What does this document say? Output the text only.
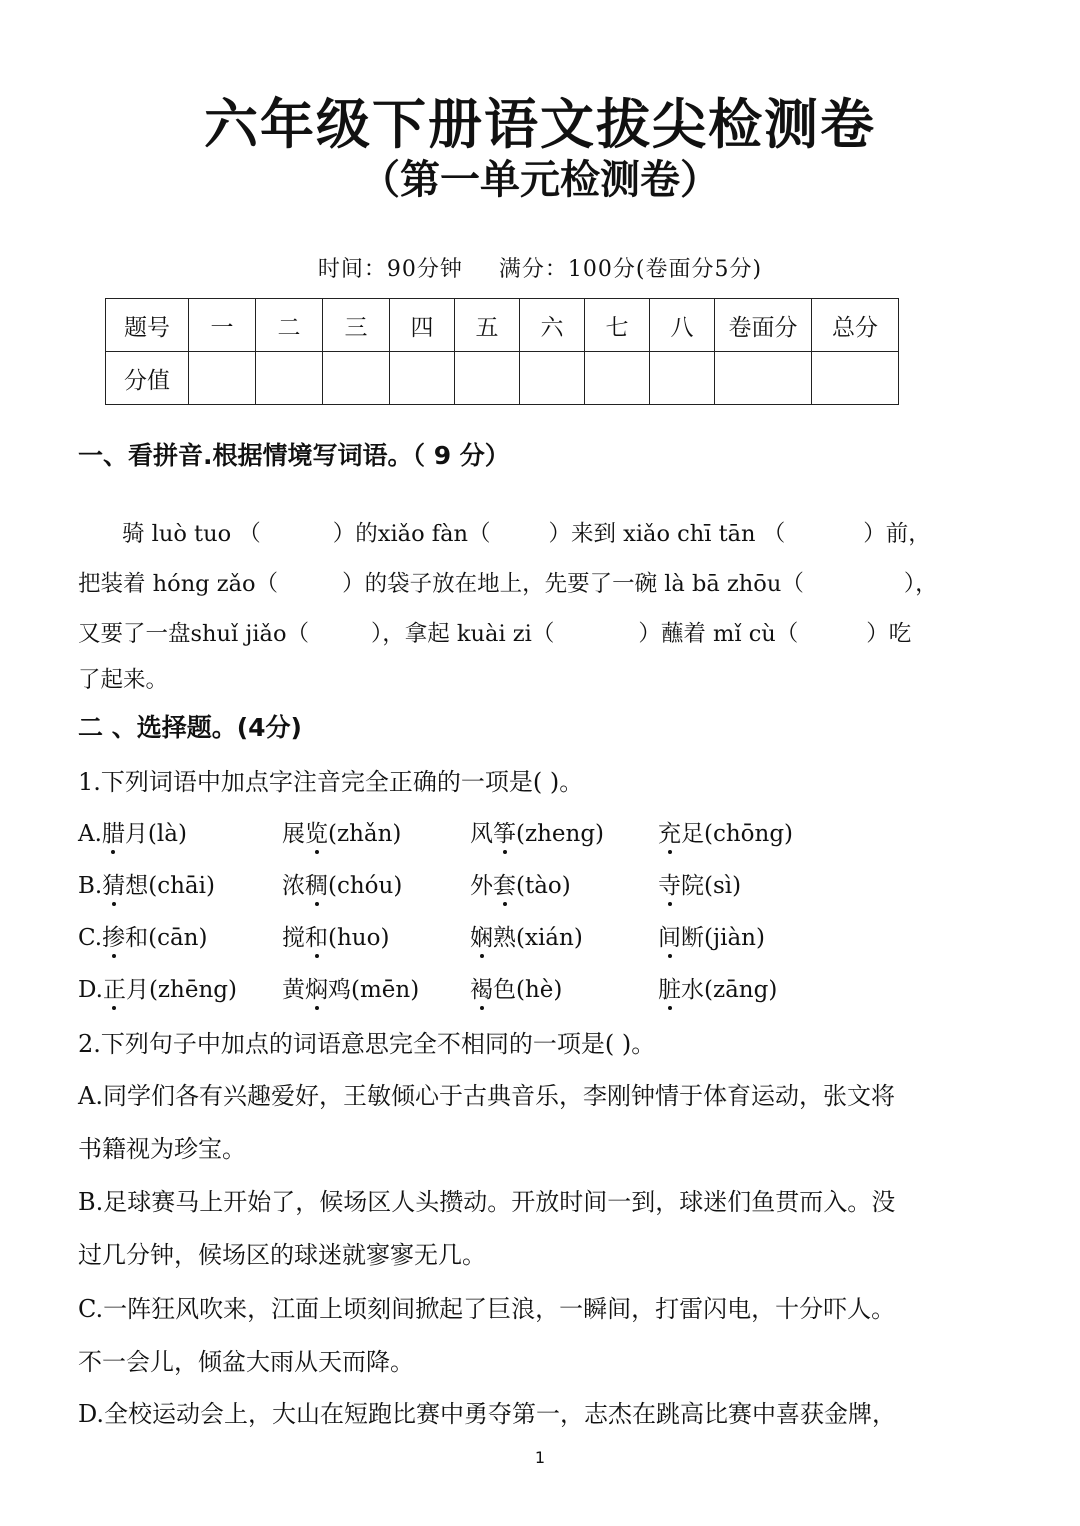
六年级下册语文拔尖检测卷
（第一单元检测卷）
时间：90分钟 满分：100分(卷面分5分)
题号	一	二	三	四	五	六	七	八	卷面分	总分
分值										
一、看拼音.根据情境写词语。（ 9 分）
骑 luò tuo （	）的xiǎo fàn（	）来到 xiǎo chī tān （	）前，
把装着 hóng zǎo（	）的袋子放在地上，先要了一碗 là bā zhōu（	），
又要了一盘shuǐ jiǎo（	），拿起 kuài zi（	）蘸着 mǐ cù（	）吃
了起来。
二 、选择题。(4分)
1.下列词语中加点字注音完全正确的一项是( )。
A.腊月(là)	展览(zhǎn)	风筝(zheng) 充足(chōng)
B.猜想(chāi)	浓稠(chóu)	外套(tào)	寺院(sì)
C.掺和(cān)	搅和(huo)	娴熟(xián)	间断(jiàn)
D.正月(zhēng) 黄焖鸡(mēn) 褐色(hè)	脏水(zāng)
2.下列句子中加点的词语意思完全不相同的一项是( )。
A.同学们各有兴趣爱好，王敏倾心于古典音乐，李刚钟情于体育运动，张文将
书籍视为珍宝。
B.足球赛马上开始了，候场区人头攒动。开放时间一到，球迷们鱼贯而入。没
过几分钟，候场区的球迷就寥寥无几。
C.一阵狂风吹来，江面上顷刻间掀起了巨浪，一瞬间，打雷闪电，十分吓人。
不一会儿，倾盆大雨从天而降。
D.全校运动会上，大山在短跑比赛中勇夺第一，志杰在跳高比赛中喜获金牌，
1
